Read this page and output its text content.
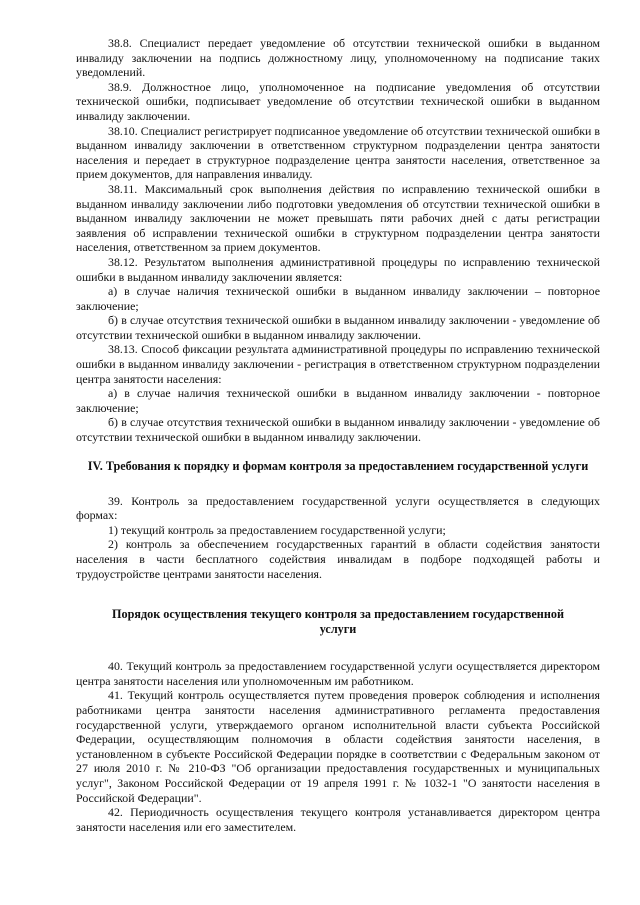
38.8. Специалист передает уведомление об отсутствии технической ошибки в выданном инвалиду заключении на подпись должностному лицу, уполномоченному на подписание таких уведомлений.

38.9. Должностное лицо, уполномоченное на подписание уведомления об отсутствии технической ошибки, подписывает уведомление об отсутствии технической ошибки в выданном инвалиду заключении.

38.10. Специалист регистрирует подписанное уведомление об отсутствии технической ошибки в выданном инвалиду заключении в ответственном структурном подразделении центра занятости населения и передает в структурное подразделение центра занятости населения, ответственное за прием документов, для направления инвалиду.

38.11. Максимальный срок выполнения действия по исправлению технической ошибки в выданном инвалиду заключении либо подготовки уведомления об отсутствии технической ошибки в выданном инвалиду заключении не может превышать пяти рабочих дней с даты регистрации заявления об исправлении технической ошибки в структурном подразделении центра занятости населения, ответственном за прием документов.

38.12. Результатом выполнения административной процедуры по исправлению технической ошибки в выданном инвалиду заключении является:

а) в случае наличия технической ошибки в выданном инвалиду заключении – повторное заключение;

б) в случае отсутствия технической ошибки в выданном инвалиду заключении - уведомление об отсутствии технической ошибки в выданном инвалиду заключении.

38.13. Способ фиксации результата административной процедуры по исправлению технической ошибки в выданном инвалиду заключении - регистрация в ответственном структурном подразделении центра занятости населения:

а) в случае наличия технической ошибки в выданном инвалиду заключении - повторное заключение;

б) в случае отсутствия технической ошибки в выданном инвалиду заключении - уведомление об отсутствии технической ошибки в выданном инвалиду заключении.

IV. Требования к порядку и формам контроля за предоставлением государственной услуги

39. Контроль за предоставлением государственной услуги осуществляется в следующих формах:

1) текущий контроль за предоставлением государственной услуги;

2) контроль за обеспечением государственных гарантий в области содействия занятости населения в части бесплатного содействия инвалидам в подборе подходящей работы и трудоустройстве центрами занятости населения.

Порядок осуществления текущего контроля за предоставлением государственной услуги

40. Текущий контроль за предоставлением государственной услуги осуществляется директором центра занятости населения или уполномоченным им работником.

41. Текущий контроль осуществляется путем проведения проверок соблюдения и исполнения работниками центра занятости населения административного регламента предоставления государственной услуги, утверждаемого органом исполнительной власти субъекта Российской Федерации, осуществляющим полномочия в области содействия занятости населения, в установленном в субъекте Российской Федерации порядке в соответствии с Федеральным законом от 27 июля 2010 г. № 210-ФЗ "Об организации предоставления государственных и муниципальных услуг", Законом Российской Федерации от 19 апреля 1991 г. № 1032-1 "О занятости населения в Российской Федерации".

42. Периодичность осуществления текущего контроля устанавливается директором центра занятости населения или его заместителем.
